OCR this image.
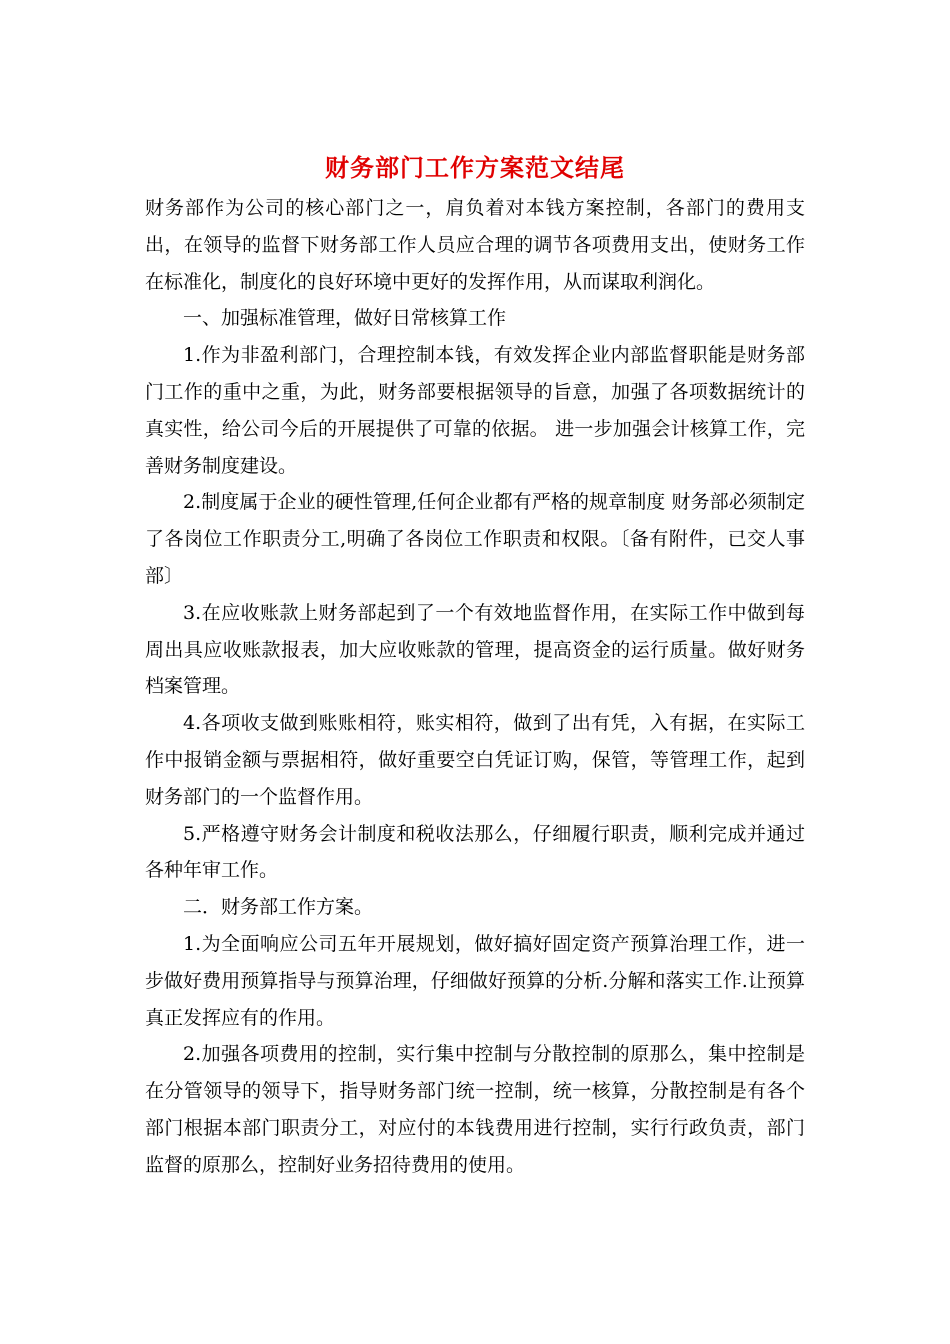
财务部门工作方案范文结尾

财务部作为公司的核心部门之一，肩负着对本钱方案控制，各部门的费用支出，在领导的监督下财务部工作人员应合理的调节各项费用支出，使财务工作在标准化，制度化的良好环境中更好的发挥作用，从而谋取利润化。

一、加强标准管理，做好日常核算工作

1.作为非盈利部门，合理控制本钱，有效发挥企业内部监督职能是财务部门工作的重中之重，为此，财务部要根据领导的旨意，加强了各项数据统计的真实性，给公司今后的开展提供了可靠的依据。 进一步加强会计核算工作，完善财务制度建设。

2.制度属于企业的硬性管理,任何企业都有严格的规章制度 财务部必须制定了各岗位工作职责分工,明确了各岗位工作职责和权限。〔备有附件，已交人事部〕

3.在应收账款上财务部起到了一个有效地监督作用，在实际工作中做到每周出具应收账款报表，加大应收账款的管理，提高资金的运行质量。做好财务档案管理。

4.各项收支做到账账相符，账实相符，做到了出有凭，入有据，在实际工作中报销金额与票据相符，做好重要空白凭证订购，保管，等管理工作，起到财务部门的一个监督作用。

5.严格遵守财务会计制度和税收法那么，仔细履行职责，顺利完成并通过各种年审工作。

二．财务部工作方案。

1.为全面响应公司五年开展规划，做好搞好固定资产预算治理工作，进一步做好费用预算指导与预算治理，仔细做好预算的分析.分解和落实工作.让预算真正发挥应有的作用。

2.加强各项费用的控制，实行集中控制与分散控制的原那么，集中控制是在分管领导的领导下，指导财务部门统一控制，统一核算，分散控制是有各个部门根据本部门职责分工，对应付的本钱费用进行控制，实行行政负责，部门监督的原那么，控制好业务招待费用的使用。
